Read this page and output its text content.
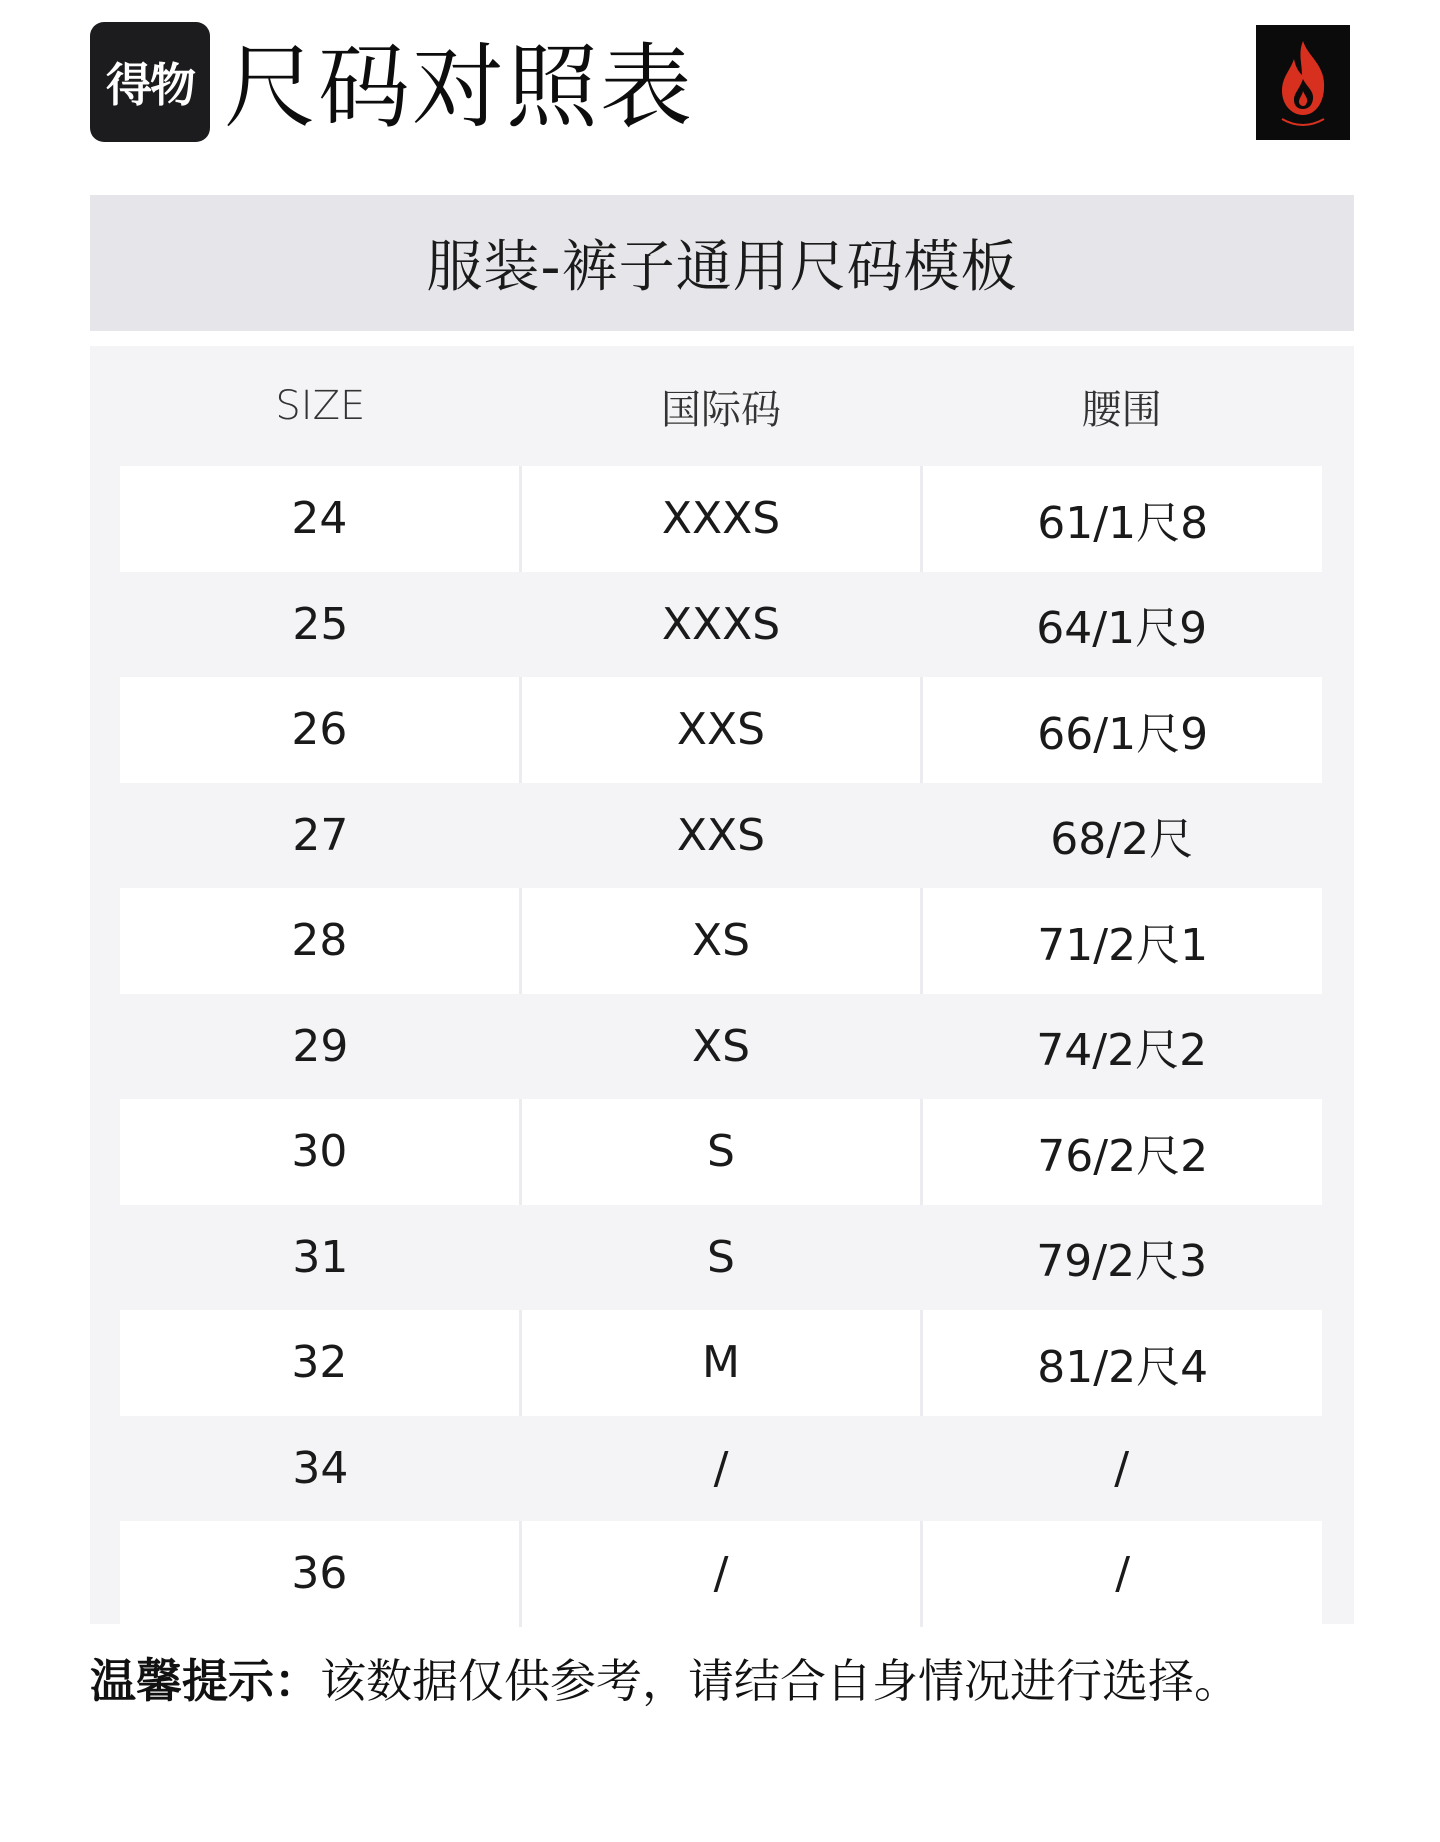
得物 尺码对照表
服装-裤子通用尺码模板
SIZE	国际码	腰围
24	XXXS	61/1尺8
25	XXXS	64/1尺9
26	XXS	66/1尺9
27	XXS	68/2尺
28	XS	71/2尺1
29	XS	74/2尺2
30	S	76/2尺2
31	S	79/2尺3
32	M	81/2尺4
34	/	/
36	/	/
温馨提示：该数据仅供参考，请结合自身情况进行选择。
